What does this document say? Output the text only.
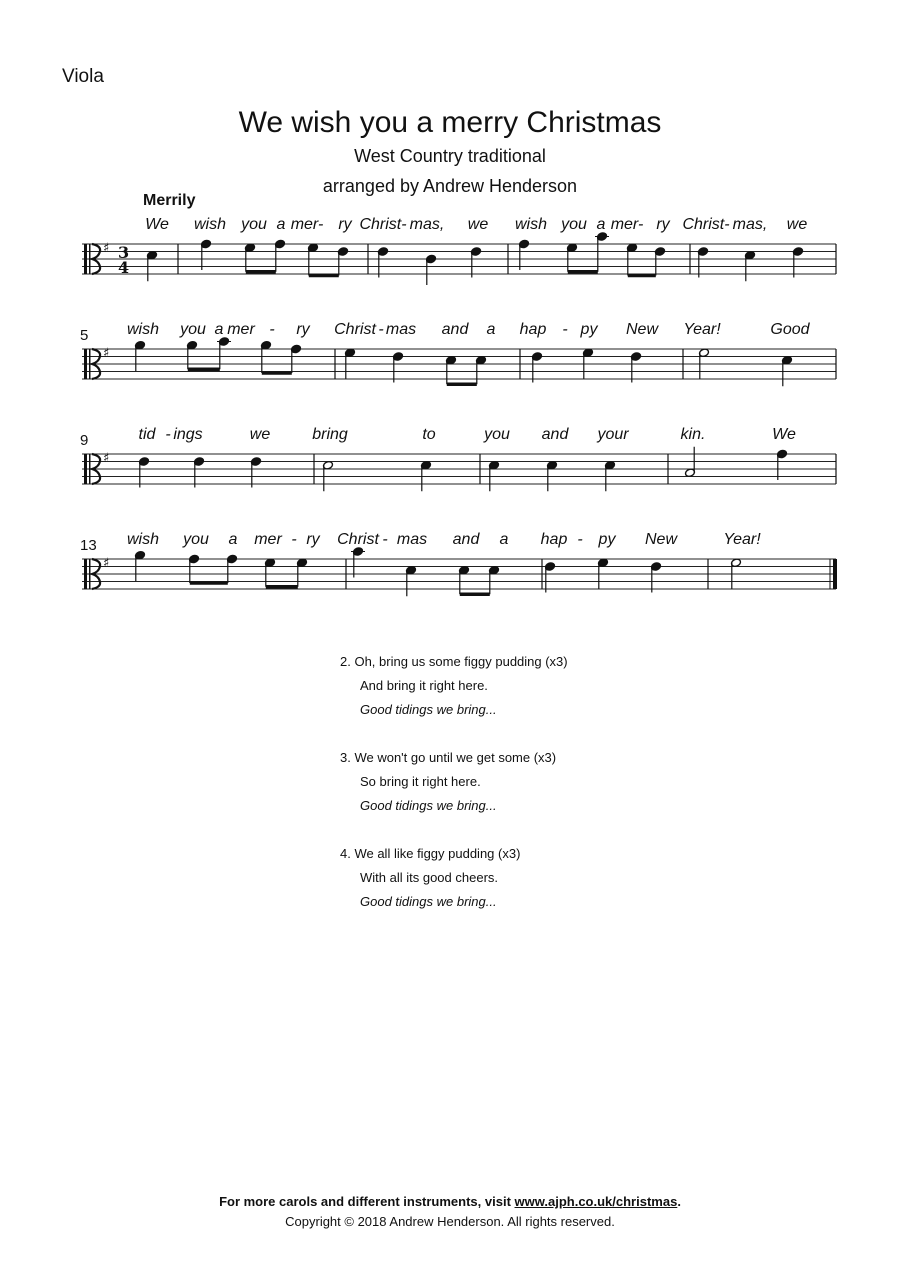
Viola
We wish you a merry Christmas
West Country traditional
arranged by Andrew Henderson
Merrily
♯ 3
4
We wish you a mer- ry Christ- mas, we wish you a mer- ry Christ- mas, we
♯
5 wish you a mer - ry Christ - mas and a hap - py New Year!	Good
♯
9	tid - ings	we	bring	to	you and your	kin.	We
♯
13 wish you a mer - ry Christ - mas and a hap - py New	Year!
2. Oh, bring us some figgy pudding (x3)
And bring it right here.
Good tidings we bring...
3. We won't go until we get some (x3)
So bring it right here.
Good tidings we bring...
4. We all like figgy pudding (x3)
With all its good cheers.
Good tidings we bring...
For more carols and different instruments, visit www.ajph.co.uk/christmas.
Copyright © 2018 Andrew Henderson. All rights reserved.
